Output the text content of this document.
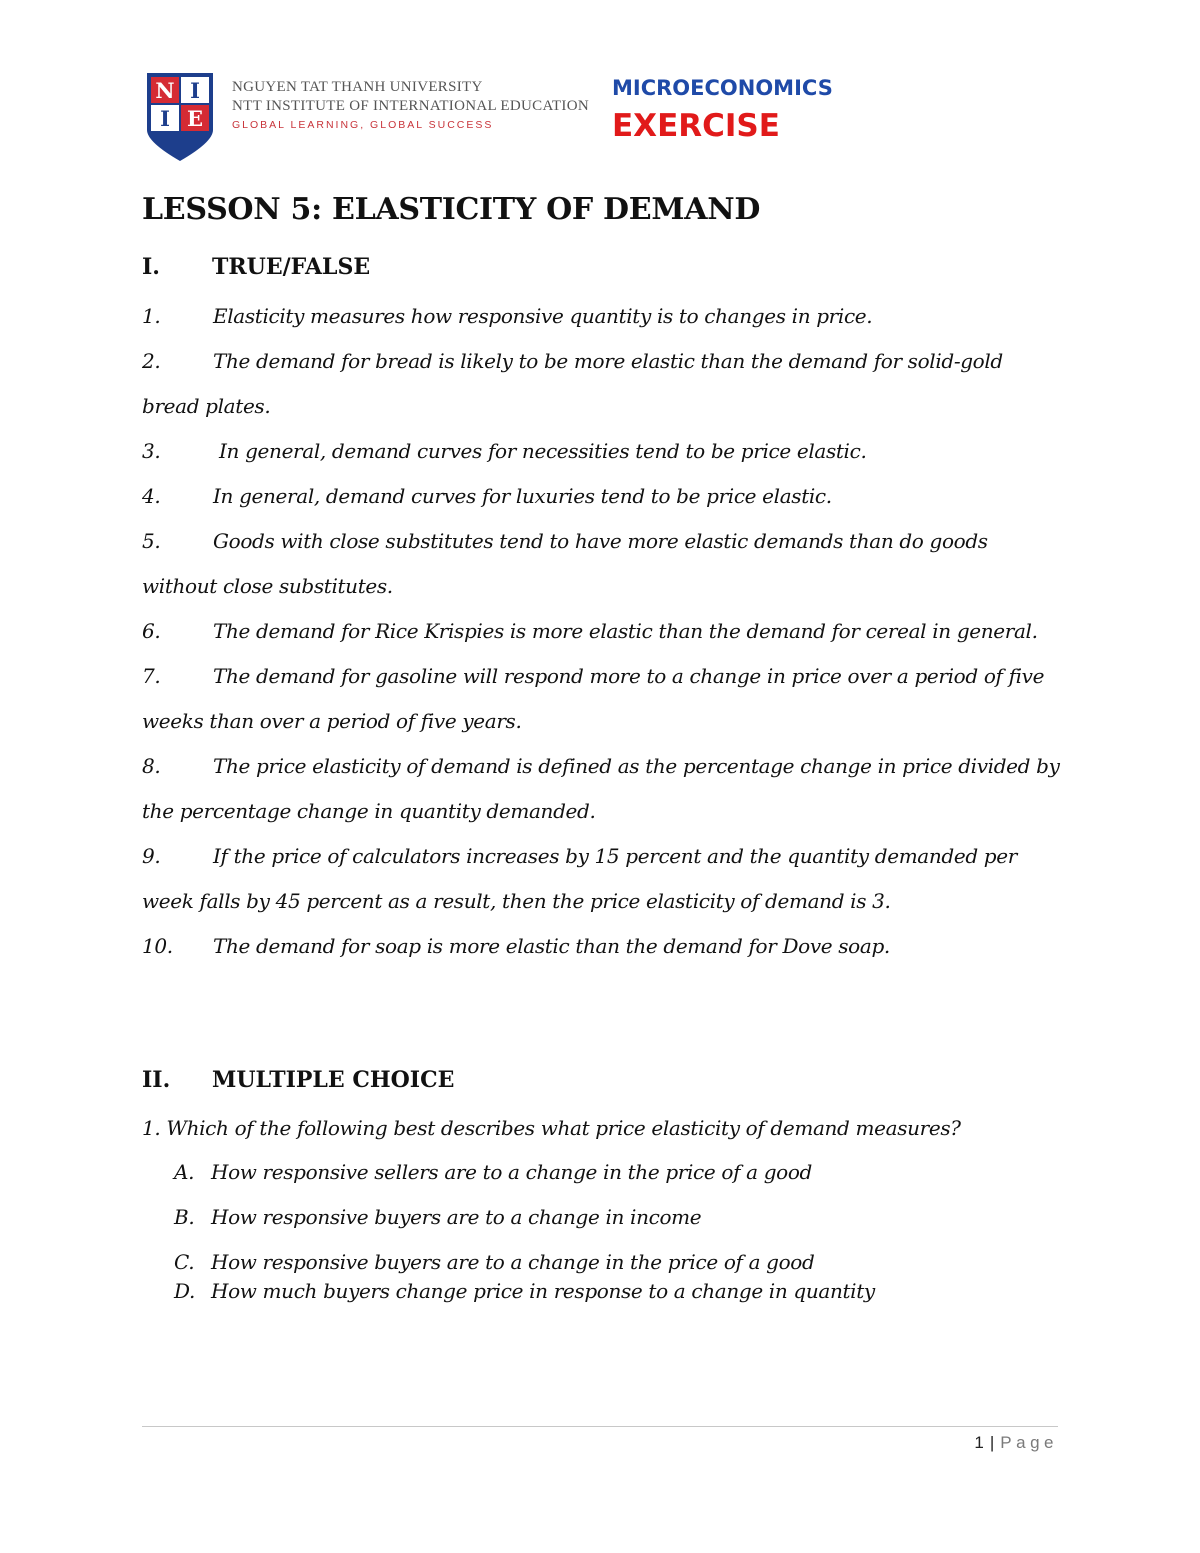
N I
I E
NGUYEN TAT THANH UNIVERSITY
NTT INSTITUTE OF INTERNATIONAL EDUCATION
GLOBAL LEARNING, GLOBAL SUCCESS
MICROECONOMICS
EXERCISE
LESSON 5: ELASTICITY OF DEMAND
I. TRUE/FALSE

1.	Elasticity measures how responsive quantity is to changes in price.

2.	The demand for bread is likely to be more elastic than the demand for solid-gold bread plates.

3.	In general, demand curves for necessities tend to be price elastic.

4.	In general, demand curves for luxuries tend to be price elastic.

5.	Goods with close substitutes tend to have more elastic demands than do goods without close substitutes.

6.	The demand for Rice Krispies is more elastic than the demand for cereal in general.

7.	The demand for gasoline will respond more to a change in price over a period of five weeks than over a period of five years.

8.	The price elasticity of demand is defined as the percentage change in price divided by the percentage change in quantity demanded.

9.	If the price of calculators increases by 15 percent and the quantity demanded per week falls by 45 percent as a result, then the price elasticity of demand is 3.

10. The demand for soap is more elastic than the demand for Dove soap.

II. MULTIPLE CHOICE
1. Which of the following best describes what price elasticity of demand measures?
A. How responsive sellers are to a change in the price of a good
B. How responsive buyers are to a change in income
C. How responsive buyers are to a change in the price of a good
D. How much buyers change price in response to a change in quantity
1 | Page
